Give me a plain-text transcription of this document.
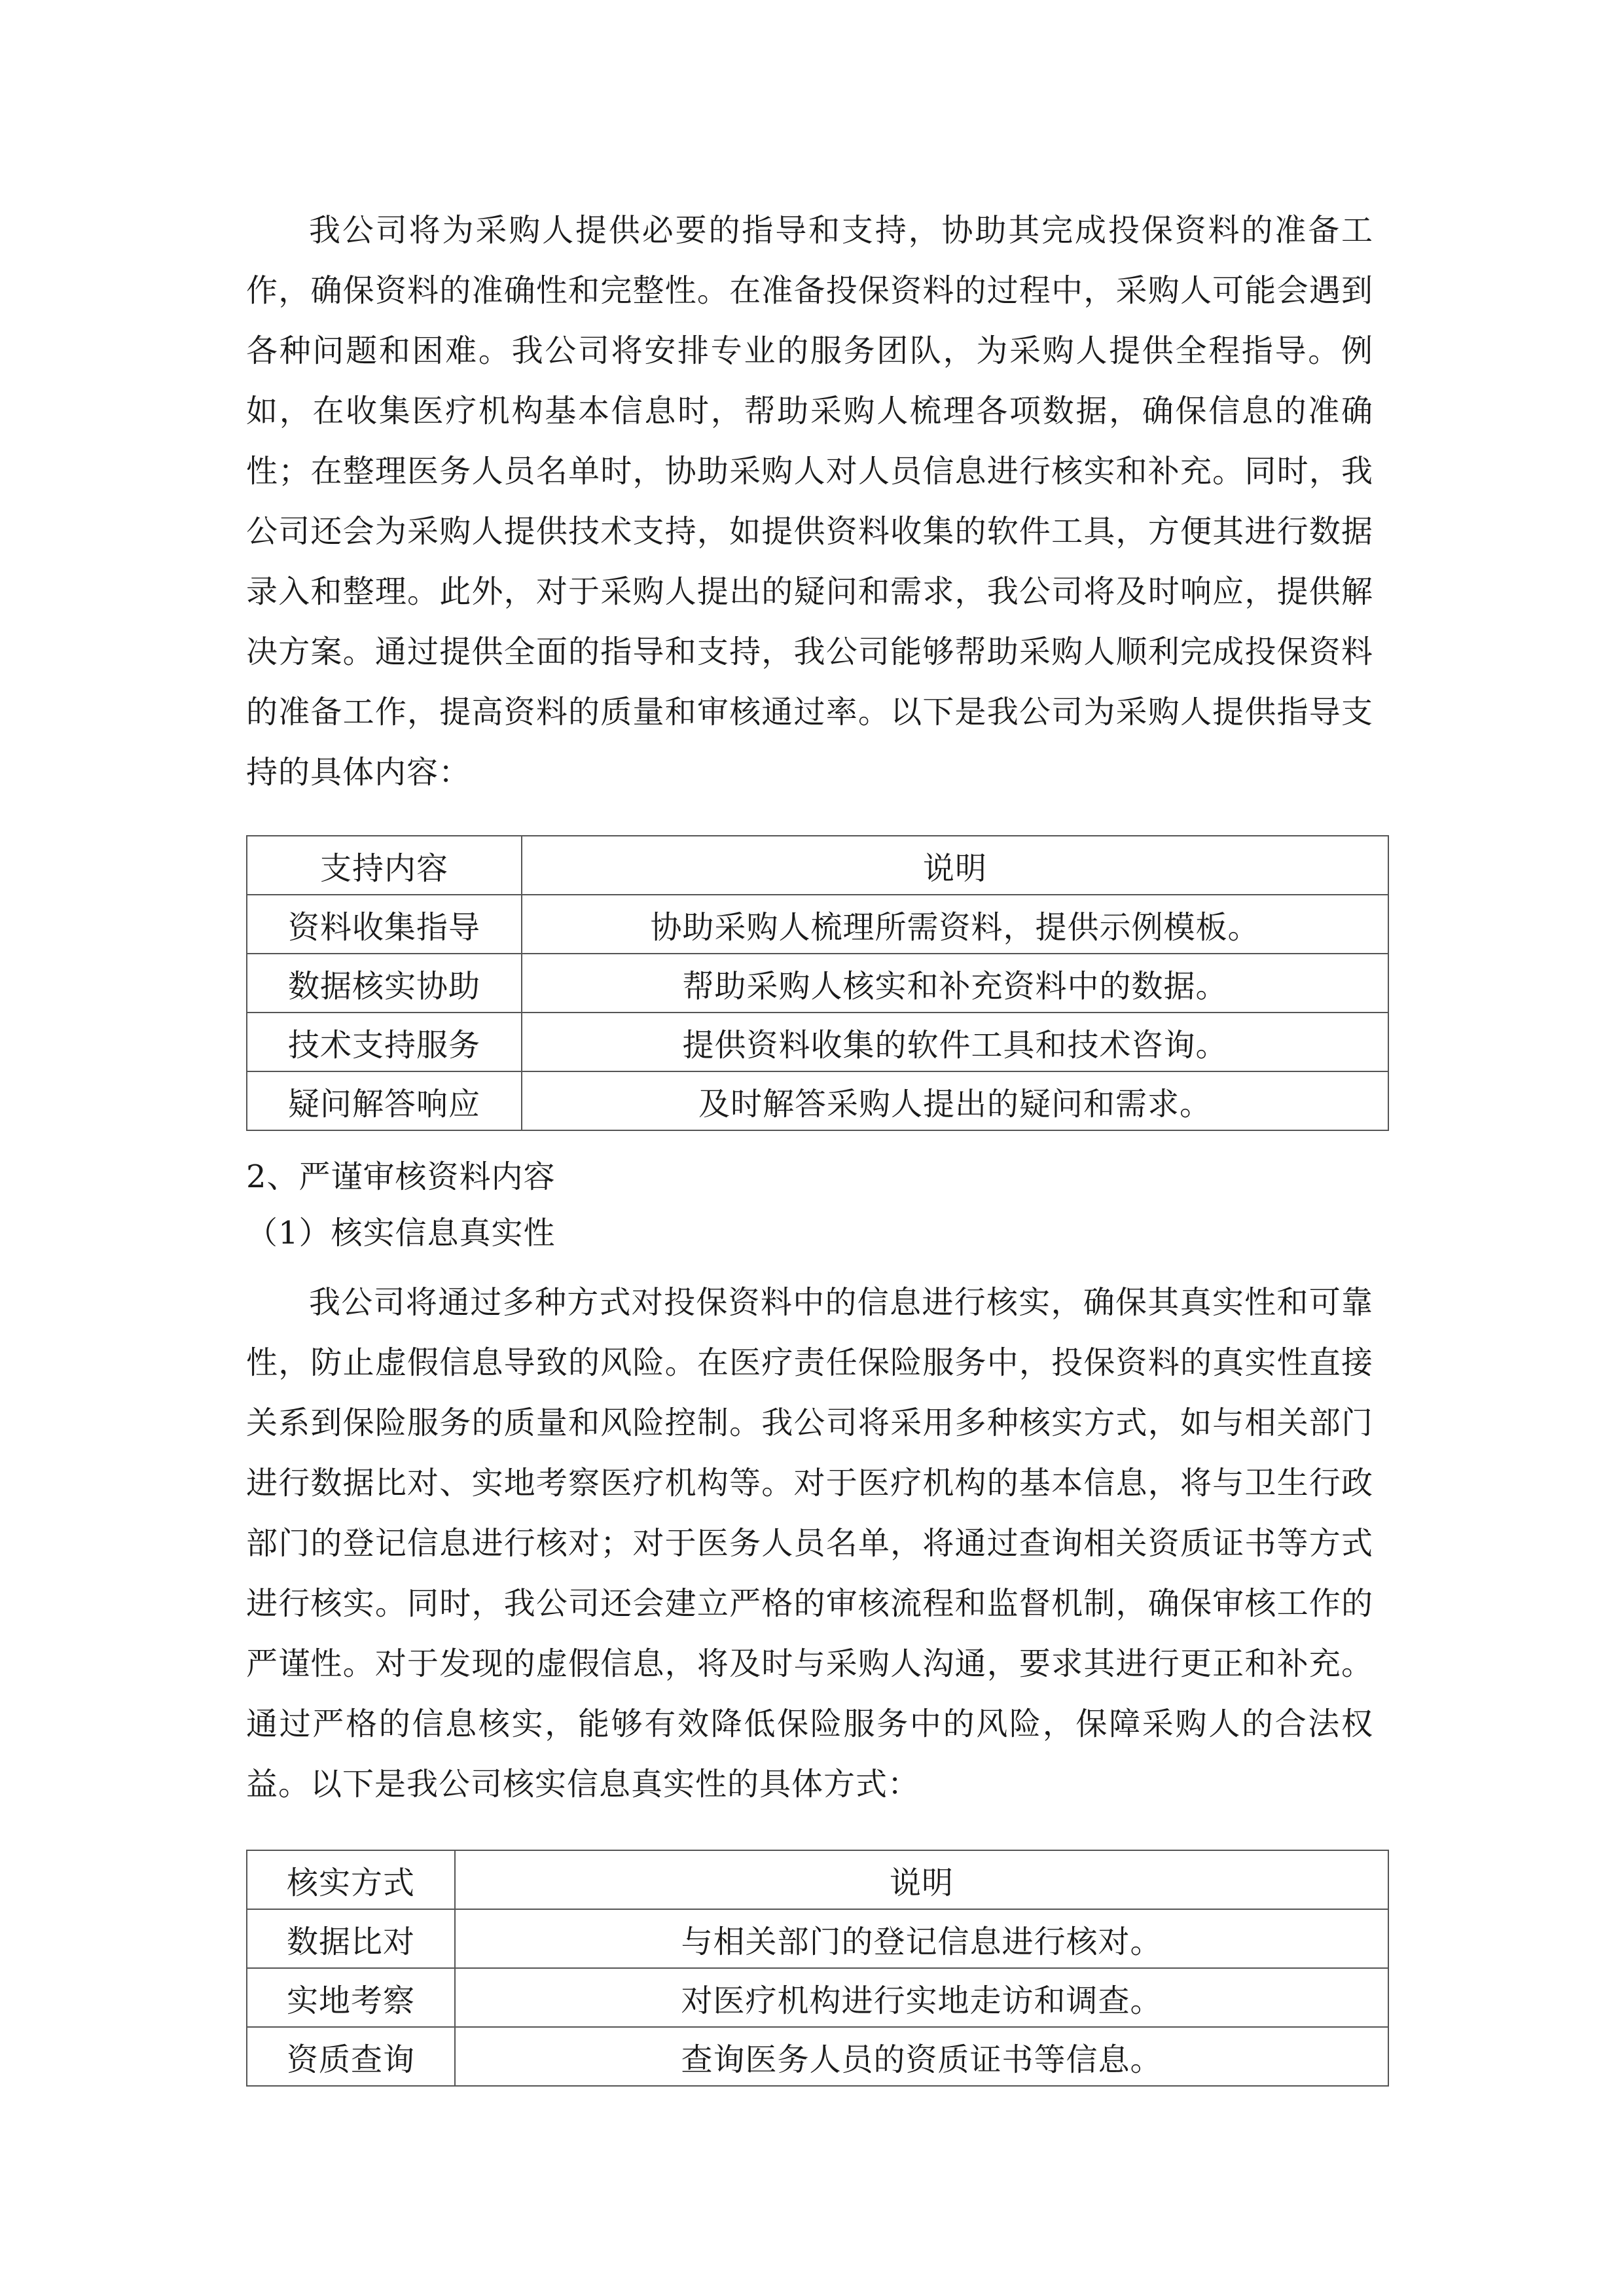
我公司将为采购人提供必要的指导和支持，协助其完成投保资料的准备工作，确保资料的准确性和完整性。在准备投保资料的过程中，采购人可能会遇到各种问题和困难。我公司将安排专业的服务团队，为采购人提供全程指导。例如，在收集医疗机构基本信息时，帮助采购人梳理各项数据，确保信息的准确性；在整理医务人员名单时，协助采购人对人员信息进行核实和补充。同时，我公司还会为采购人提供技术支持，如提供资料收集的软件工具，方便其进行数据录入和整理。此外，对于采购人提出的疑问和需求，我公司将及时响应，提供解决方案。通过提供全面的指导和支持，我公司能够帮助采购人顺利完成投保资料的准备工作，提高资料的质量和审核通过率。以下是我公司为采购人提供指导支持的具体内容：

支持内容	说明
资料收集指导	协助采购人梳理所需资料，提供示例模板。
数据核实协助	帮助采购人核实和补充资料中的数据。
技术支持服务	提供资料收集的软件工具和技术咨询。
疑问解答响应	及时解答采购人提出的疑问和需求。

2、严谨审核资料内容

（1）核实信息真实性

我公司将通过多种方式对投保资料中的信息进行核实，确保其真实性和可靠性，防止虚假信息导致的风险。在医疗责任保险服务中，投保资料的真实性直接关系到保险服务的质量和风险控制。我公司将采用多种核实方式，如与相关部门进行数据比对、实地考察医疗机构等。对于医疗机构的基本信息，将与卫生行政部门的登记信息进行核对；对于医务人员名单，将通过查询相关资质证书等方式进行核实。同时，我公司还会建立严格的审核流程和监督机制，确保审核工作的严谨性。对于发现的虚假信息，将及时与采购人沟通，要求其进行更正和补充。通过严格的信息核实，能够有效降低保险服务中的风险，保障采购人的合法权益。以下是我公司核实信息真实性的具体方式：

核实方式	说明
数据比对	与相关部门的登记信息进行核对。
实地考察	对医疗机构进行实地走访和调查。
资质查询	查询医务人员的资质证书等信息。
